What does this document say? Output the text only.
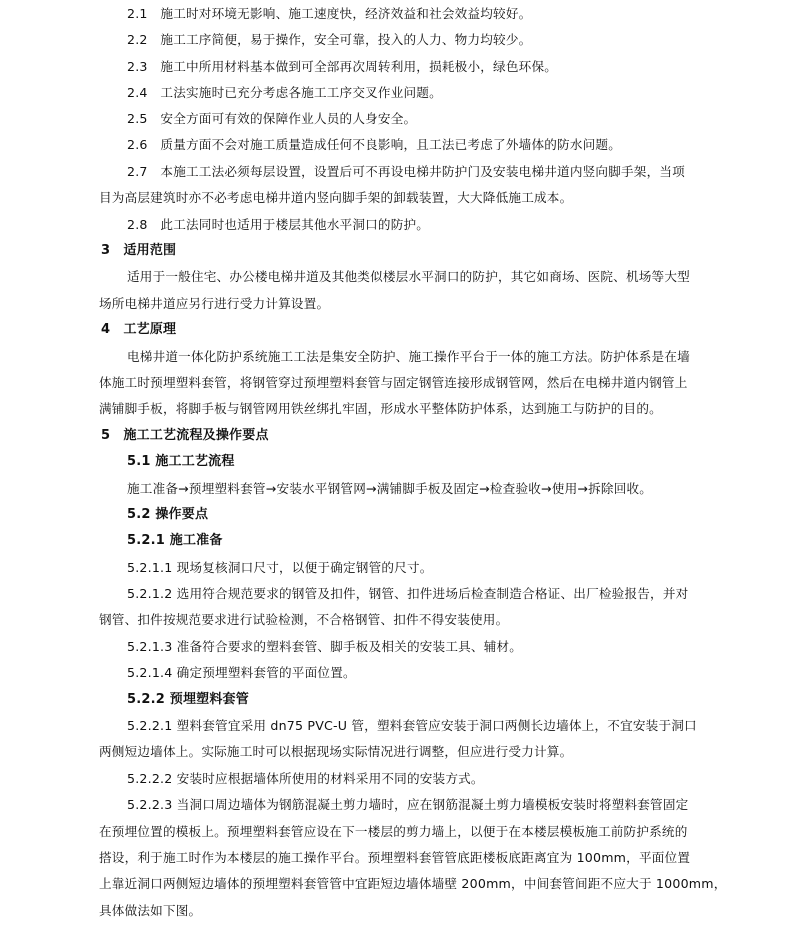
2.1　施工时对环境无影响、施工速度快，经济效益和社会效益均较好。
2.2　施工工序简便，易于操作，安全可靠，投入的人力、物力均较少。
2.3　施工中所用材料基本做到可全部再次周转利用，损耗极小，绿色环保。
2.4　工法实施时已充分考虑各施工工序交叉作业问题。
2.5　安全方面可有效的保障作业人员的人身安全。
2.6　质量方面不会对施工质量造成任何不良影响，且工法已考虑了外墙体的防水问题。
2.7　本施工工法必须每层设置，设置后可不再设电梯井防护门及安装电梯井道内竖向脚手架，当项
目为高层建筑时亦不必考虑电梯井道内竖向脚手架的卸载装置，大大降低施工成本。
2.8　此工法同时也适用于楼层其他水平洞口的防护。
3　适用范围
适用于一般住宅、办公楼电梯井道及其他类似楼层水平洞口的防护，其它如商场、医院、机场等大型
场所电梯井道应另行进行受力计算设置。
4　工艺原理
电梯井道一体化防护系统施工工法是集安全防护、施工操作平台于一体的施工方法。防护体系是在墙
体施工时预埋塑料套管，将钢管穿过预埋塑料套管与固定钢管连接形成钢管网，然后在电梯井道内钢管上
满铺脚手板，将脚手板与钢管网用铁丝绑扎牢固，形成水平整体防护体系，达到施工与防护的目的。
5　施工工艺流程及操作要点
5.1 施工工艺流程
施工准备→预埋塑料套管→安装水平钢管网→满铺脚手板及固定→检查验收→使用→拆除回收。
5.2 操作要点
5.2.1 施工准备
5.2.1.1 现场复核洞口尺寸，以便于确定钢管的尺寸。
5.2.1.2 选用符合规范要求的钢管及扣件，钢管、扣件进场后检查制造合格证、出厂检验报告，并对
钢管、扣件按规范要求进行试验检测，不合格钢管、扣件不得安装使用。
5.2.1.3 准备符合要求的塑料套管、脚手板及相关的安装工具、辅材。
5.2.1.4 确定预埋塑料套管的平面位置。
5.2.2 预埋塑料套管
5.2.2.1 塑料套管宜采用 dn75 PVC-U 管，塑料套管应安装于洞口两侧长边墙体上，不宜安装于洞口
两侧短边墙体上。实际施工时可以根据现场实际情况进行调整，但应进行受力计算。
5.2.2.2 安装时应根据墙体所使用的材料采用不同的安装方式。
5.2.2.3 当洞口周边墙体为钢筋混凝土剪力墙时，应在钢筋混凝土剪力墙模板安装时将塑料套管固定
在预埋位置的模板上。预埋塑料套管应设在下一楼层的剪力墙上，以便于在本楼层模板施工前防护系统的
搭设，利于施工时作为本楼层的施工操作平台。预埋塑料套管管底距楼板底距离宜为 100mm，平面位置
上靠近洞口两侧短边墙体的预埋塑料套管管中宜距短边墙体墙壁 200mm，中间套管间距不应大于 1000mm，
具体做法如下图。
